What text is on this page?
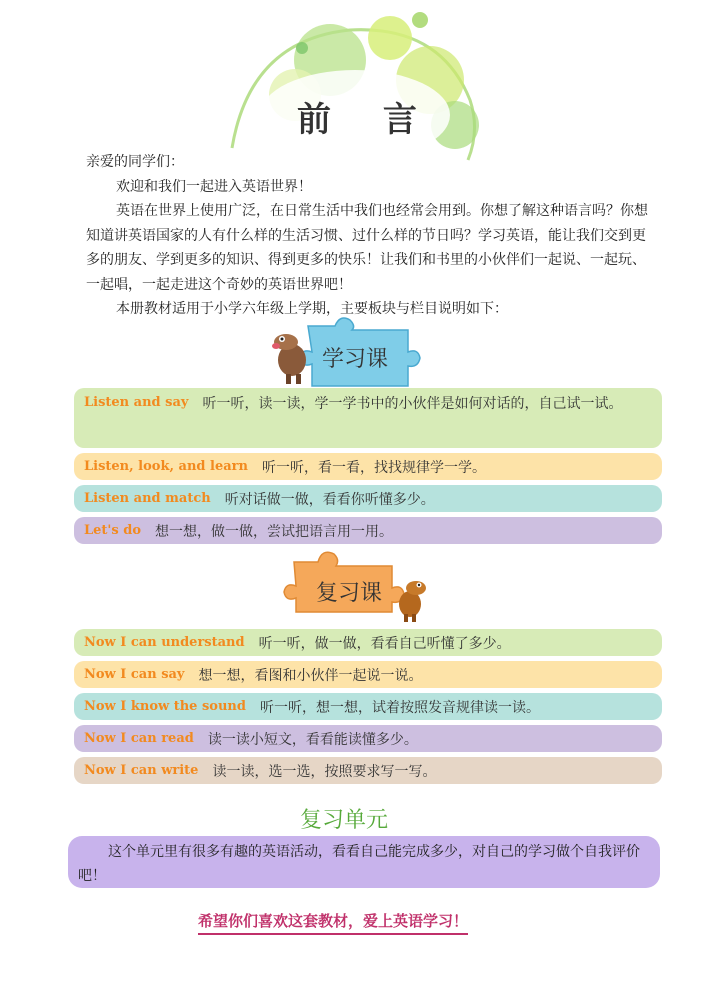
前 言

亲爱的同学们：

欢迎和我们一起进入英语世界！

英语在世界上使用广泛，在日常生活中我们也经常会用到。你想了解这种语言吗？你想知道讲英语国家的人有什么样的生活习惯、过什么样的节日吗？学习英语，能让我们交到更多的朋友、学到更多的知识、得到更多的快乐！让我们和书里的小伙伴们一起说、一起玩、一起唱，一起走进这个奇妙的英语世界吧！

本册教材适用于小学六年级上学期，主要板块与栏目说明如下：

学习课
Listen and say 听一听，读一读，学一学书中的小伙伴是如何对话的，自己试一试。
Listen, look, and learn 听一听，看一看，找找规律学一学。
Listen and match 听对话做一做，看看你听懂多少。
Let's do 想一想，做一做，尝试把语言用一用。
复习课
Now I can understand 听一听，做一做，看看自己听懂了多少。
Now I can say 想一想，看图和小伙伴一起说一说。
Now I know the sound 听一听，想一想，试着按照发音规律读一读。
Now I can read 读一读小短文，看看能读懂多少。
Now I can write 读一读，选一选，按照要求写一写。
复习单元
这个单元里有很多有趣的英语活动，看看自己能完成多少，对自己的学习做个自我评价吧！
希望你们喜欢这套教材，爱上英语学习！
